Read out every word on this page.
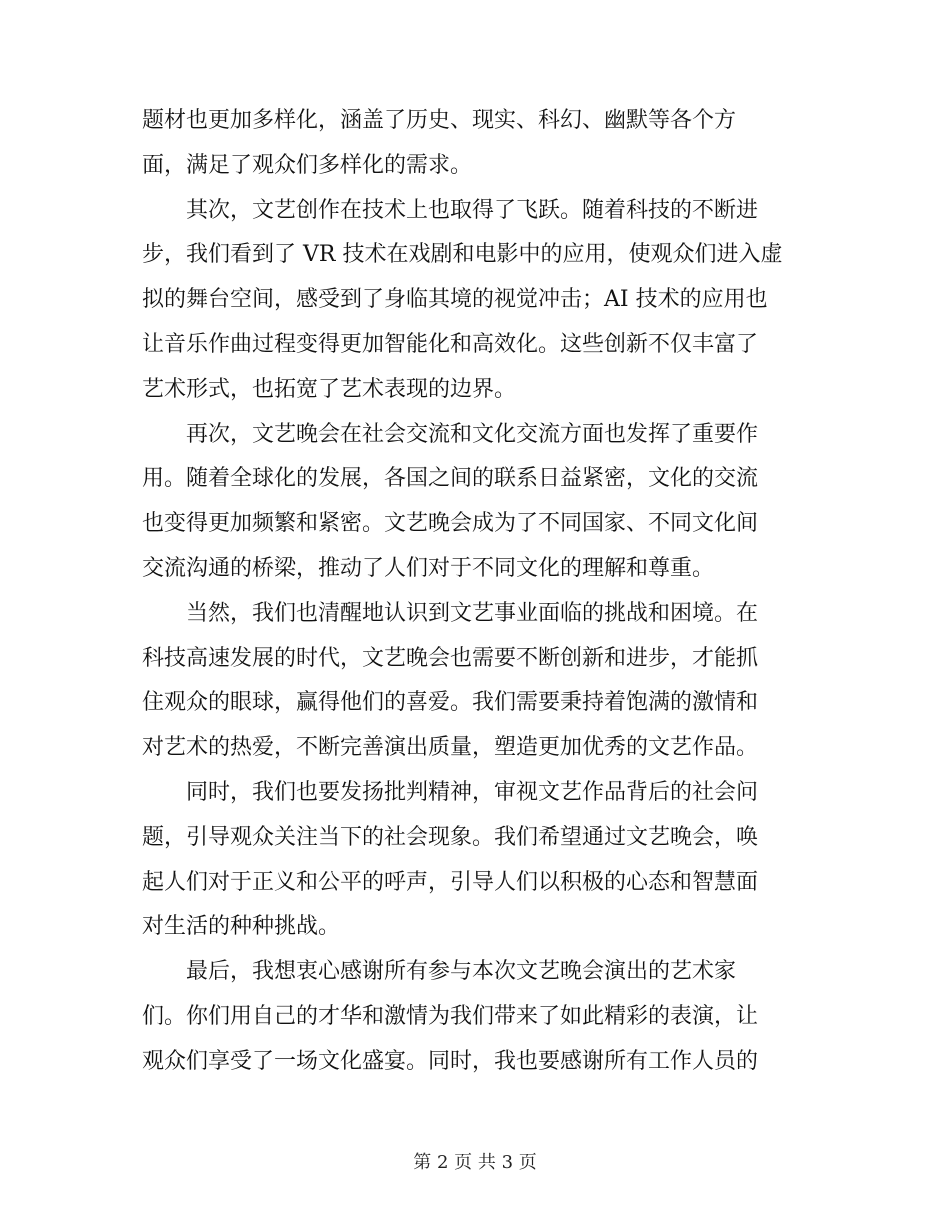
题材也更加多样化，涵盖了历史、现实、科幻、幽默等各个方
面，满足了观众们多样化的需求。
　　其次，文艺创作在技术上也取得了飞跃。随着科技的不断进
步，我们看到了 VR 技术在戏剧和电影中的应用，使观众们进入虚
拟的舞台空间，感受到了身临其境的视觉冲击；AI 技术的应用也
让音乐作曲过程变得更加智能化和高效化。这些创新不仅丰富了
艺术形式，也拓宽了艺术表现的边界。
　　再次，文艺晚会在社会交流和文化交流方面也发挥了重要作
用。随着全球化的发展，各国之间的联系日益紧密，文化的交流
也变得更加频繁和紧密。文艺晚会成为了不同国家、不同文化间
交流沟通的桥梁，推动了人们对于不同文化的理解和尊重。
　　当然，我们也清醒地认识到文艺事业面临的挑战和困境。在
科技高速发展的时代，文艺晚会也需要不断创新和进步，才能抓
住观众的眼球，赢得他们的喜爱。我们需要秉持着饱满的激情和
对艺术的热爱，不断完善演出质量，塑造更加优秀的文艺作品。
　　同时，我们也要发扬批判精神，审视文艺作品背后的社会问
题，引导观众关注当下的社会现象。我们希望通过文艺晚会，唤
起人们对于正义和公平的呼声，引导人们以积极的心态和智慧面
对生活的种种挑战。
　　最后，我想衷心感谢所有参与本次文艺晚会演出的艺术家
们。你们用自己的才华和激情为我们带来了如此精彩的表演，让
观众们享受了一场文化盛宴。同时，我也要感谢所有工作人员的
第 2 页 共 3 页
